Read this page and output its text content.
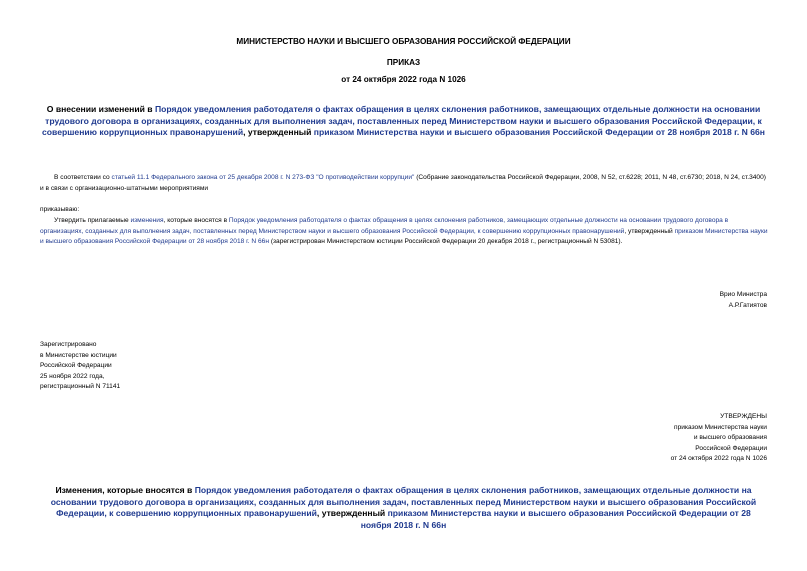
МИНИСТЕРСТВО НАУКИ И ВЫСШЕГО ОБРАЗОВАНИЯ РОССИЙСКОЙ ФЕДЕРАЦИИ
ПРИКАЗ
от 24 октября 2022 года N 1026
О внесении изменений в Порядок уведомления работодателя о фактах обращения в целях склонения работников, замещающих отдельные должности на основании трудового договора в организациях, созданных для выполнения задач, поставленных перед Министерством науки и высшего образования Российской Федерации, к совершению коррупционных правонарушений, утвержденный приказом Министерства науки и высшего образования Российской Федерации от 28 ноября 2018 г. N 66н

В соответствии со статьей 11.1 Федерального закона от 25 декабря 2008 г. N 273-ФЗ "О противодействии коррупции" (Собрание законодательства Российской Федерации, 2008, N 52, ст.6228; 2011, N 48, ст.6730; 2018, N 24, ст.3400) и в связи с организационно-штатными мероприятиями

приказываю:

Утвердить прилагаемые изменения, которые вносятся в Порядок уведомления работодателя о фактах обращения в целях склонения работников, замещающих отдельные должности на основании трудового договора в организациях, созданных для выполнения задач, поставленных перед Министерством науки и высшего образования Российской Федерации, к совершению коррупционных правонарушений, утвержденный приказом Министерства науки и высшего образования Российской Федерации от 28 ноября 2018 г. N 66н (зарегистрирован Министерством юстиции Российской Федерации 20 декабря 2018 г., регистрационный N 53081).

Врио Министра
А.Р.Гатиятов
Зарегистрировано
в Министерстве юстиции
Российской Федерации
25 ноября 2022 года,
регистрационный N 71141
УТВЕРЖДЕНЫ
приказом Министерства науки
и высшего образования
Российской Федерации
от 24 октября 2022 года N 1026
Изменения, которые вносятся в Порядок уведомления работодателя о фактах обращения в целях склонения работников, замещающих отдельные должности на основании трудового договора в организациях, созданных для выполнения задач, поставленных перед Министерством науки и высшего образования Российской Федерации, к совершению коррупционных правонарушений, утвержденный приказом Министерства науки и высшего образования Российской Федерации от 28 ноября 2018 г. N 66н
